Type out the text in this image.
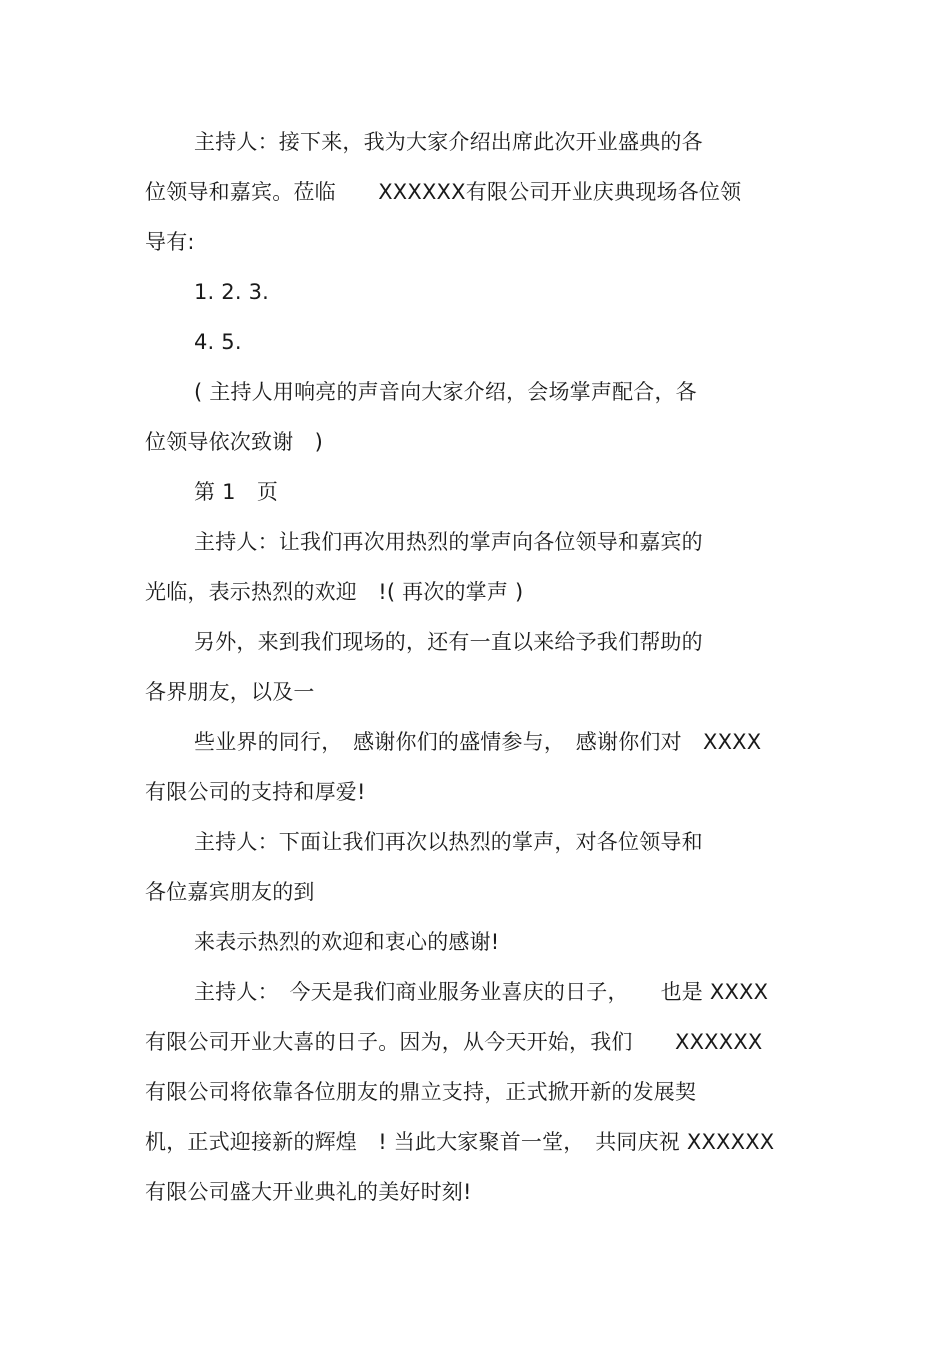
主持人：接下来，我为大家介绍出席此次开业盛典的各
位领导和嘉宾。莅临　　XXXXXX有限公司开业庆典现场各位领
导有:
1. 2. 3.
4. 5.
( 主持人用响亮的声音向大家介绍，会场掌声配合，各
位领导依次致谢　)
第 1　页
主持人：让我们再次用热烈的掌声向各位领导和嘉宾的
光临，表示热烈的欢迎　!( 再次的掌声 )
另外，来到我们现场的，还有一直以来给予我们帮助的
各界朋友，以及一
些业界的同行，　感谢你们的盛情参与，　感谢你们对　XXXX
有限公司的支持和厚爱!
主持人：下面让我们再次以热烈的掌声，对各位领导和
各位嘉宾朋友的到
来表示热烈的欢迎和衷心的感谢!
主持人：　今天是我们商业服务业喜庆的日子，　　也是 XXXX
有限公司开业大喜的日子。因为，从今天开始，我们　　XXXXXX
有限公司将依靠各位朋友的鼎立支持，正式掀开新的发展契
机，正式迎接新的辉煌　! 当此大家聚首一堂，　共同庆祝 XXXXXX
有限公司盛大开业典礼的美好时刻!
